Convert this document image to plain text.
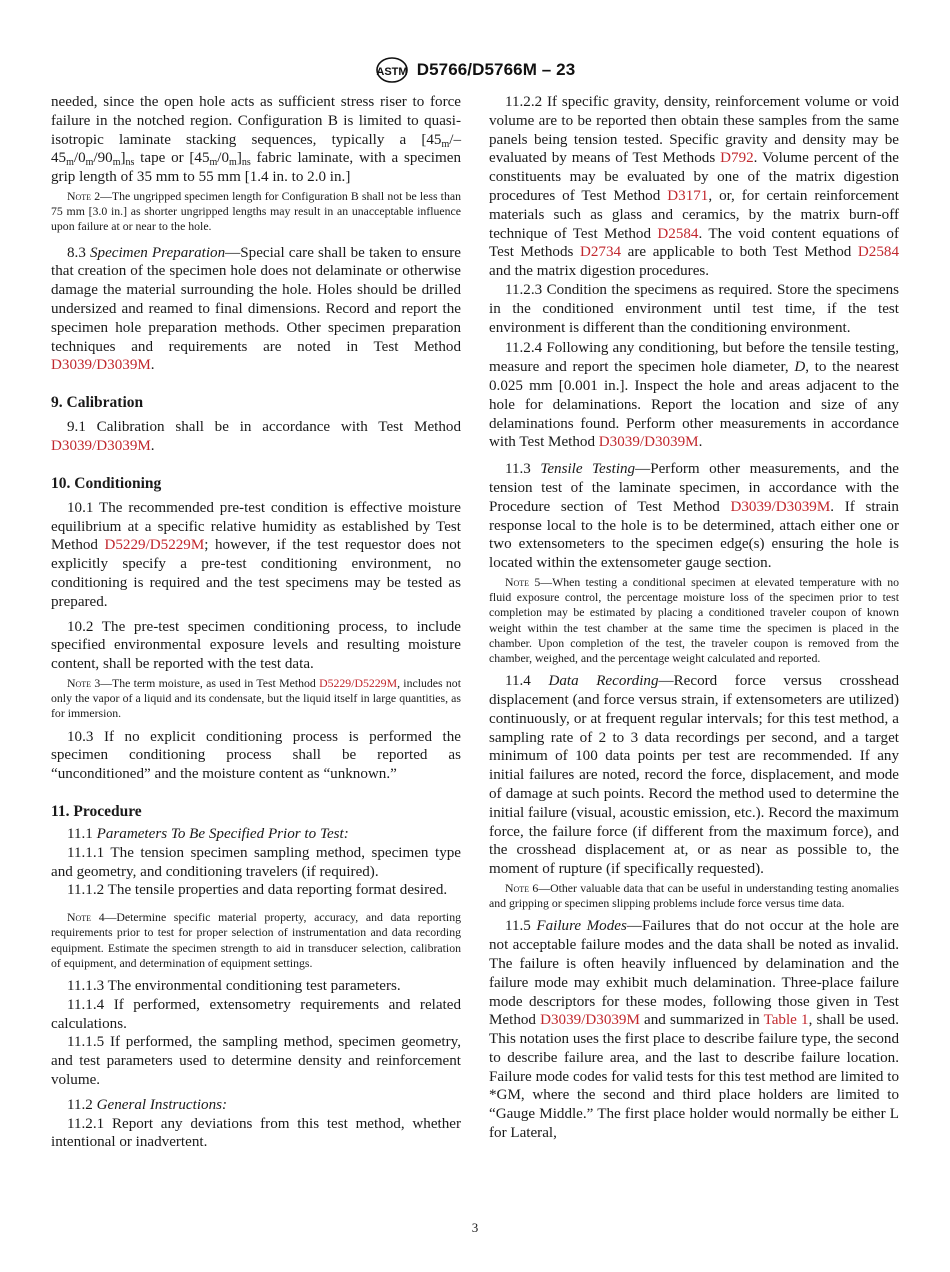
ASTM D5766/D5766M – 23

needed, since the open hole acts as sufficient stress riser to force failure in the notched region. Configuration B is limited to quasi-isotropic laminate stacking sequences, typically a $[45_m/-45_m/0_m/90_m]_{ns}$ tape or $[45_m/0_m]_{ns}$ fabric laminate, with a specimen grip length of 35 mm to 55 mm [1.4 in. to 2.0 in.]

Note 2—The ungripped specimen length for Configuration B shall not be less than 75 mm [3.0 in.] as shorter ungripped lengths may result in an unacceptable influence upon failure at or near to the hole.

8.3 Specimen Preparation—Special care shall be taken to ensure that creation of the specimen hole does not delaminate or otherwise damage the material surrounding the hole. Holes should be drilled undersized and reamed to final dimensions. Record and report the specimen hole preparation methods. Other specimen preparation techniques and requirements are noted in Test Method D3039/D3039M.

9. Calibration

9.1 Calibration shall be in accordance with Test Method D3039/D3039M.

10. Conditioning

10.1 The recommended pre-test condition is effective moisture equilibrium at a specific relative humidity as established by Test Method D5229/D5229M; however, if the test requestor does not explicitly specify a pre-test conditioning environment, no conditioning is required and the test specimens may be tested as prepared.

10.2 The pre-test specimen conditioning process, to include specified environmental exposure levels and resulting moisture content, shall be reported with the test data.

Note 3—The term moisture, as used in Test Method D5229/D5229M, includes not only the vapor of a liquid and its condensate, but the liquid itself in large quantities, as for immersion.

10.3 If no explicit conditioning process is performed the specimen conditioning process shall be reported as “unconditioned” and the moisture content as “unknown.”

11. Procedure

11.1 Parameters To Be Specified Prior to Test:

11.1.1 The tension specimen sampling method, specimen type and geometry, and conditioning travelers (if required).

11.1.2 The tensile properties and data reporting format desired.

Note 4—Determine specific material property, accuracy, and data reporting requirements prior to test for proper selection of instrumentation and data recording equipment. Estimate the specimen strength to aid in transducer selection, calibration of equipment, and determination of equipment settings.

11.1.3 The environmental conditioning test parameters.

11.1.4 If performed, extensometry requirements and related calculations.

11.1.5 If performed, the sampling method, specimen geometry, and test parameters used to determine density and reinforcement volume.

11.2 General Instructions:

11.2.1 Report any deviations from this test method, whether intentional or inadvertent.

11.2.2 If specific gravity, density, reinforcement volume or void volume are to be reported then obtain these samples from the same panels being tension tested. Specific gravity and density may be evaluated by means of Test Methods D792. Volume percent of the constituents may be evaluated by one of the matrix digestion procedures of Test Method D3171, or, for certain reinforcement materials such as glass and ceramics, by the matrix burn-off technique of Test Method D2584. The void content equations of Test Methods D2734 are applicable to both Test Method D2584 and the matrix digestion procedures.

11.2.3 Condition the specimens as required. Store the specimens in the conditioned environment until test time, if the test environment is different than the conditioning environment.

11.2.4 Following any conditioning, but before the tensile testing, measure and report the specimen hole diameter, D, to the nearest 0.025 mm [0.001 in.]. Inspect the hole and areas adjacent to the hole for delaminations. Report the location and size of any delaminations found. Perform other measurements in accordance with Test Method D3039/D3039M.

11.3 Tensile Testing—Perform other measurements, and the tension test of the laminate specimen, in accordance with the Procedure section of Test Method D3039/D3039M. If strain response local to the hole is to be determined, attach either one or two extensometers to the specimen edge(s) ensuring the hole is located within the extensometer gauge section.

Note 5—When testing a conditional specimen at elevated temperature with no fluid exposure control, the percentage moisture loss of the specimen prior to test completion may be estimated by placing a conditioned traveler coupon of known weight within the test chamber at the same time the specimen is placed in the chamber. Upon completion of the test, the traveler coupon is removed from the chamber, weighed, and the percentage weight calculated and reported.

11.4 Data Recording—Record force versus crosshead displacement (and force versus strain, if extensometers are utilized) continuously, or at frequent regular intervals; for this test method, a sampling rate of 2 to 3 data recordings per second, and a target minimum of 100 data points per test are recommended. If any initial failures are noted, record the force, displacement, and mode of damage at such points. Record the method used to determine the initial failure (visual, acoustic emission, etc.). Record the maximum force, the failure force (if different from the maximum force), and the crosshead displacement at, or as near as possible to, the moment of rupture (if specifically requested).

Note 6—Other valuable data that can be useful in understanding testing anomalies and gripping or specimen slipping problems include force versus time data.

11.5 Failure Modes—Failures that do not occur at the hole are not acceptable failure modes and the data shall be noted as invalid. The failure is often heavily influenced by delamination and the failure mode may exhibit much delamination. Three-place failure mode descriptors for these modes, following those given in Test Method D3039/D3039M and summarized in Table 1, shall be used. This notation uses the first place to describe failure type, the second to describe failure area, and the last to describe failure location. Failure mode codes for valid tests for this test method are limited to *GM, where the second and third place holders are limited to “Gauge Middle.” The first place holder would normally be either L for Lateral,

3
